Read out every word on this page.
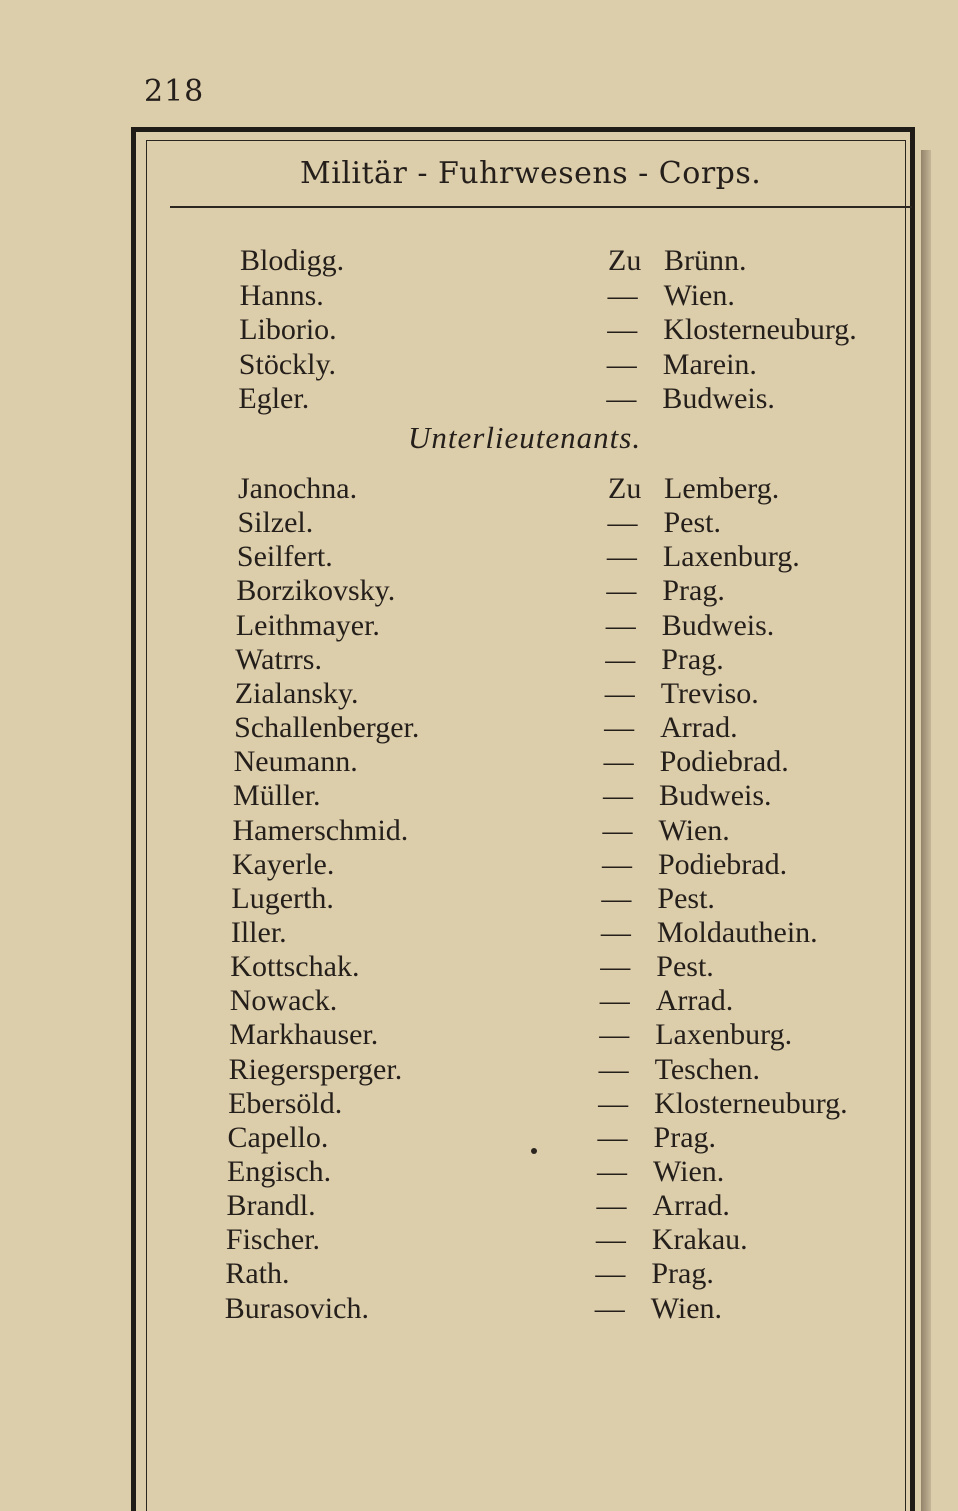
218
Militär - Fuhrwesens - Corps.
Unterlieutenants.
Blodigg.	Zu Brünn.
Hanns.	— Wien.
Liborio.	— Klosterneuburg.
Stöckly.	— Marein.
Egler.	— Budweis.
Janochna.	Zu Lemberg.
Silzel.	— Pest.
Seilfert.	— Laxenburg.
Borzikovsky.	— Prag.
Leithmayer.	— Budweis.
Watrrs.	— Prag.
Zialansky.	— Treviso.
Schallenberger.	— Arrad.
Neumann.	— Podiebrad.
Müller.	— Budweis.
Hamerschmid.	— Wien.
Kayerle.	— Podiebrad.
Lugerth.	— Pest.
Iller.	— Moldauthein.
Kottschak.	— Pest.
Nowack.	— Arrad.
Markhauser.	— Laxenburg.
Riegersperger.	— Teschen.
Ebersöld.	— Klosterneuburg.
Capello.	— Prag.
Engisch.	— Wien.
Brandl.	— Arrad.
Fischer.	— Krakau.
Rath.	— Prag.
Burasovich.	— Wien.
